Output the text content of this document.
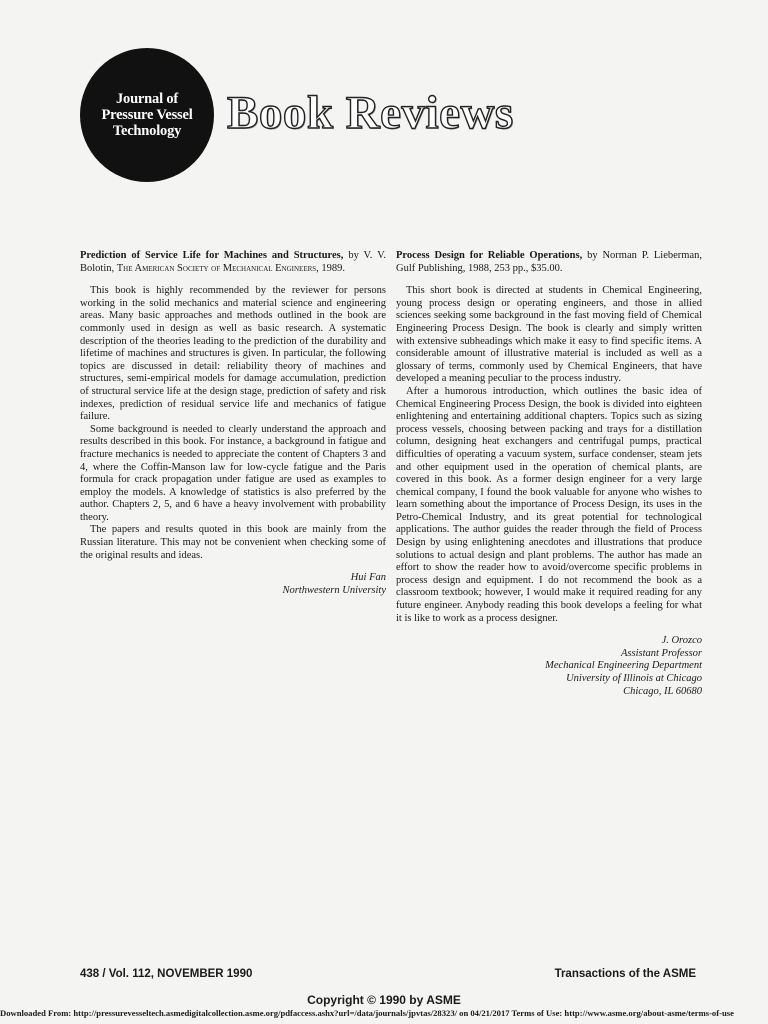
Journal of
Pressure Vessel
Technology Book Reviews
Prediction of Service Life for Machines and Structures, by V. V. Bolotin, The American Society of Mechanical Engineers, 1989.

This book is highly recommended by the reviewer for persons working in the solid mechanics and material science and engineering areas. Many basic approaches and methods outlined in the book are commonly used in design as well as basic research. A systematic description of the theories leading to the prediction of the durability and lifetime of machines and structures is given. In particular, the following topics are discussed in detail: reliability theory of machines and structures, semi-empirical models for damage accumulation, prediction of structural service life at the design stage, prediction of safety and risk indexes, prediction of residual service life and mechanics of fatigue failure.

Some background is needed to clearly understand the approach and results described in this book. For instance, a background in fatigue and fracture mechanics is needed to appreciate the content of Chapters 3 and 4, where the Coffin-Manson law for low-cycle fatigue and the Paris formula for crack propagation under fatigue are used as examples to employ the models. A knowledge of statistics is also preferred by the author. Chapters 2, 5, and 6 have a heavy involvement with probability theory.

The papers and results quoted in this book are mainly from the Russian literature. This may not be convenient when checking some of the original results and ideas.

Hui Fan
Northwestern University
Process Design for Reliable Operations, by Norman P. Lieberman, Gulf Publishing, 1988, 253 pp., $35.00.

This short book is directed at students in Chemical Engineering, young process design or operating engineers, and those in allied sciences seeking some background in the fast moving field of Chemical Engineering Process Design. The book is clearly and simply written with extensive subheadings which make it easy to find specific items. A considerable amount of illustrative material is included as well as a glossary of terms, commonly used by Chemical Engineers, that have developed a meaning peculiar to the process industry.

After a humorous introduction, which outlines the basic idea of Chemical Engineering Process Design, the book is divided into eighteen enlightening and entertaining additional chapters. Topics such as sizing process vessels, choosing between packing and trays for a distillation column, designing heat exchangers and centrifugal pumps, practical difficulties of operating a vacuum system, surface condenser, steam jets and other equipment used in the operation of chemical plants, are covered in this book. As a former design engineer for a very large chemical company, I found the book valuable for anyone who wishes to learn something about the importance of Process Design, its uses in the Petro-Chemical Industry, and its great potential for technological applications. The author guides the reader through the field of Process Design by using enlightening anecdotes and illustrations that produce solutions to actual design and plant problems. The author has made an effort to show the reader how to avoid/overcome specific problems in process design and equipment. I do not recommend the book as a classroom textbook; however, I would make it required reading for any future engineer. Anybody reading this book develops a feeling for what it is like to work as a process designer.

J. Orozco
Assistant Professor
Mechanical Engineering Department
University of Illinois at Chicago
Chicago, IL 60680
438 / Vol. 112, NOVEMBER 1990	Transactions of the ASME
Copyright © 1990 by ASME
Downloaded From: http://pressurevesseltech.asmedigitalcollection.asme.org/pdfaccess.ashx?url=/data/journals/jpvtas/28323/ on 04/21/2017 Terms of Use: http://www.asme.org/about-asme/terms-of-use
